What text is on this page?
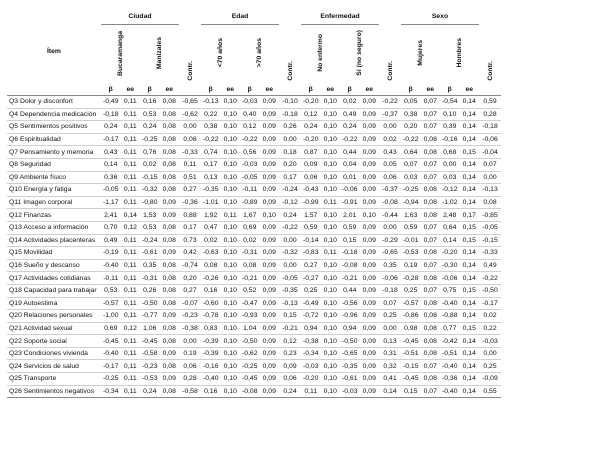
Ítem	Ciudad				Contr.	Edad				Contr.	Enfermedad				Contr.	Sexo				Contr.
	Bucaramanga		Manizales			<70 años		>70 años			No enfermo		Sí (no seguro)			Mujeres		Hombres		
	β	ee	β	ee		β	ee	β	ee		β	ee	β	ee		β	ee	β	ee	
Q3 Dolor y disconfort	-0,49	0,11	0,16	0,08	-0,65	-0,13	0,10	-0,03	0,09	-0,10	-0,20	0,10	0,02	0,09	-0,22	0,05	0,07	-0,54	0,14	0,59
Q4 Dependencia medicación	-0,18	0,11	0,53	0,08	-0,62	0,22	0,10	0,40	0,09	-0,18	0,12	0,10	0,49	0,09	-0,37	0,38	0,07	0,10	0,14	0,28
Q5 Sentimientos positivos	0,24	0,11	0,24	0,08	0,00	0,38	0,10	0,12	0,09	0,26	0,24	0,10	0,24	0,09	0,00	0,20	0,07	0,39	0,14	-0,18
Q6 Espiritualidad	-0,17	0,11	-0,25	0,08	0,08	-0,22	0,10	-0,22	0,09	0,00	-0,20	0,10	-0,22	0,09	0,02	-0,22	0,08	-0,16	0,14	-0,06
Q7 Pensamiento y memoria	0,43	0,11	0,76	0,08	-0,33	0,74	0,10	0,56	0,09	0,18	0,87	0,10	0,44	0,09	0,43	0,64	0,08	0,68	0,15	-0,04
Q8 Seguridad	0,14	0,11	0,02	0,08	0,11	0,17	0,10	-0,03	0,09	0,20	0,09	0,10	0,04	0,09	0,05	0,07	0,07	0,00	0,14	0,07
Q9 Ambiente físico	0,36	0,11	-0,15	0,08	0,51	0,13	0,10	-0,05	0,09	0,17	0,06	0,10	0,01	0,09	0,06	0,03	0,07	0,03	0,14	0,00
Q10 Energía y fatiga	-0,05	0,11	-0,32	0,08	0,27	-0,35	0,10	-0,11	0,09	-0,24	-0,43	0,10	-0,06	0,09	-0,37	-0,25	0,08	-0,12	0,14	-0,13
Q11 Imagen corporal	-1,17	0,11	-0,80	0,09	-0,36	-1,01	0,10	-0,89	0,09	-0,12	-0,99	0,11	-0,91	0,09	-0,08	-0,94	0,08	-1,02	0,14	0,08
Q12 Finanzas	2,41	0,14	1,53	0,09	0,88	1,92	0,11	1,67	0,10	0,24	1,57	0,10	2,01	0,10	-0,44	1,63	0,08	2,48	0,17	-0,85
Q13 Acceso a información	0,70	0,12	0,53	0,08	0,17	0,47	0,10	0,69	0,09	-0,22	0,59	0,10	0,59	0,09	0,00	0,59	0,07	0,64	0,15	-0,05
Q14 Actividades placenteras	0,49	0,11	-0,24	0,08	0,73	0,02	0,10	0,02	0,09	0,00	-0,14	0,10	0,15	0,09	-0,29	-0,01	0,07	0,14	0,15	-0,15
Q15 Movilidad	-0,19	0,11	-0,61	0,09	0,42	-0,63	0,10	-0,31	0,09	-0,32	-0,83	0,11	-0,18	0,09	-0,65	-0,53	0,08	-0,20	0,14	-0,33
Q16 Sueño y descanso	-0,40	0,11	0,35	0,08	-0,74	0,08	0,10	0,08	0,09	0,00	0,27	0,10	-0,08	0,09	0,35	0,19	0,07	-0,30	0,14	0,49
Q17 Actividades cotidianas	-0,11	0,11	-0,31	0,08	0,20	-0,26	0,10	-0,21	0,09	-0,05	-0,27	0,10	-0,21	0,09	-0,06	-0,28	0,08	-0,06	0,14	-0,22
Q18 Capacidad para trabajar	0,53	0,11	0,26	0,08	0,27	0,16	0,10	0,52	0,09	-0,35	0,25	0,10	0,44	0,09	-0,18	0,25	0,07	0,75	0,15	-0,50
Q19 Autoestima	-0,57	0,11	-0,50	0,08	-0,07	-0,60	0,10	-0,47	0,09	-0,13	-0,49	0,10	-0,56	0,09	0,07	-0,57	0,08	-0,40	0,14	-0,17
Q20 Relaciones personales	-1,00	0,11	-0,77	0,09	-0,23	-0,78	0,10	-0,93	0,09	0,15	-0,72	0,10	-0,96	0,09	0,25	-0,86	0,08	-0,88	0,14	0,02
Q21 Actividad sexual	0,69	0,12	1,06	0,08	-0,38	0,83	0,10	1,04	0,09	-0,21	0,94	0,10	0,94	0,09	0,00	0,98	0,08	0,77	0,15	0,22
Q22 Soporte social	-0,45	0,11	-0,45	0,08	0,00	-0,39	0,10	-0,50	0,09	0,12	-0,38	0,10	-0,50	0,09	0,13	-0,45	0,08	-0,42	0,14	-0,03
Q23 Condiciones vivienda	-0,40	0,11	-0,58	0,09	0,19	-0,39	0,10	-0,62	0,09	0,23	-0,34	0,10	-0,65	0,09	0,31	-0,51	0,08	-0,51	0,14	0,00
Q24 Servicios de salud	-0,17	0,11	-0,23	0,08	0,06	-0,16	0,10	-0,25	0,09	0,09	-0,03	0,10	-0,35	0,09	0,32	-0,15	0,07	-0,40	0,14	0,25
Q25 Transporte	-0,25	0,11	-0,53	0,09	0,28	-0,40	0,10	-0,45	0,09	0,06	-0,20	0,10	-0,61	0,09	0,41	-0,45	0,08	-0,36	0,14	-0,09
Q26 Sentimientos negativos	-0,34	0,11	0,24	0,08	-0,58	0,16	0,10	-0,08	0,09	0,24	0,11	0,10	-0,03	0,09	0,14	0,15	0,07	-0,40	0,14	0,55
